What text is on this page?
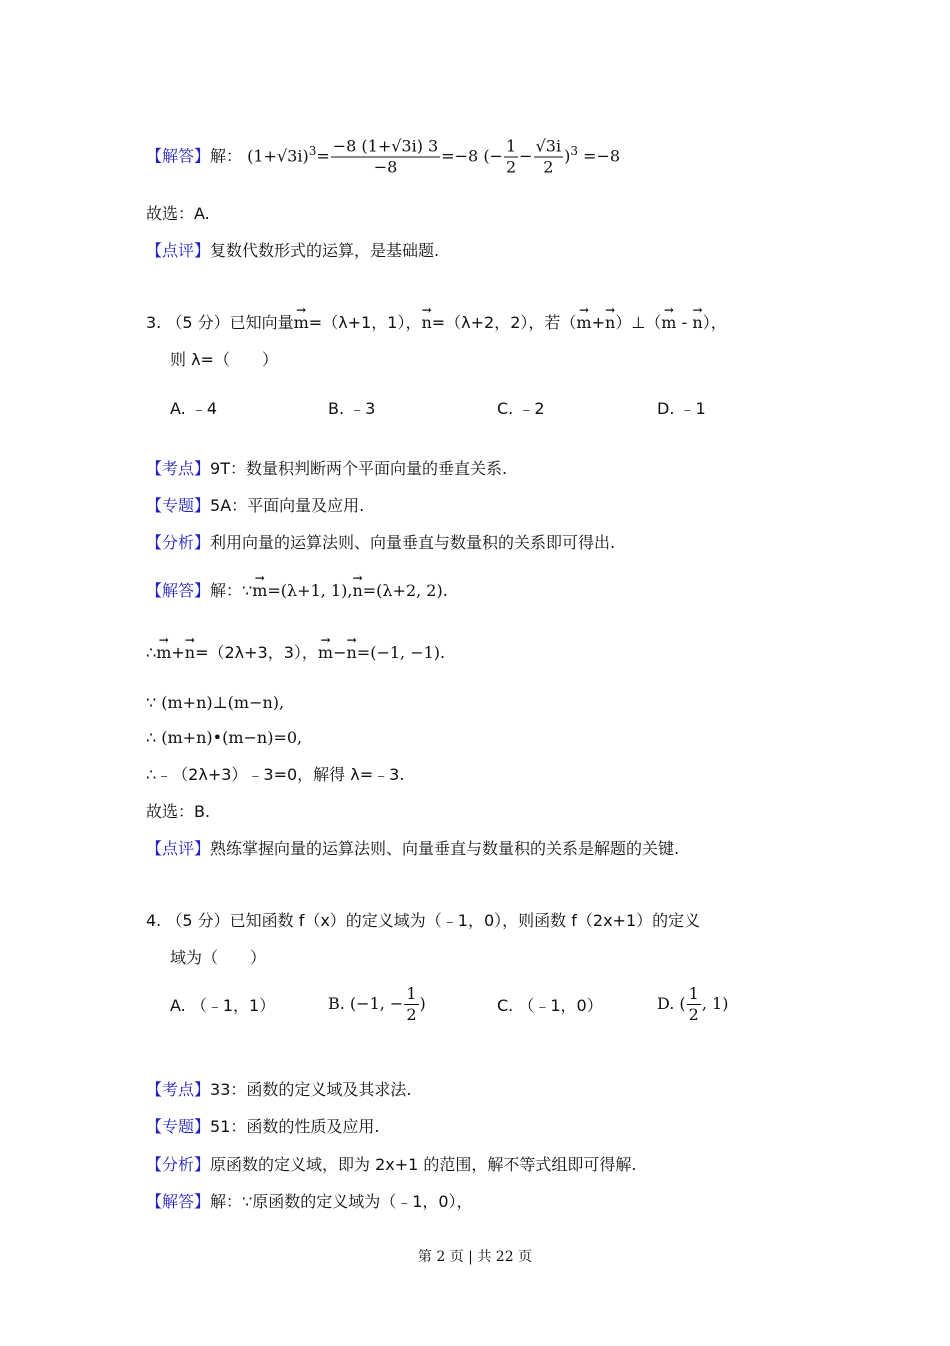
【解答】解： $(1+√3i)^3= \frac{-8 (1+√3i) 3}{-8} =-8$ (− $\frac{1}{2} - \frac{√3i}{2} )^3 =-8$
故选：A.
【点评】复数代数形式的运算，是基础题.
3. （5 分）已知向量→ m=（λ+1，1），→ n=（λ+2，2），若（→ m+→ n）⊥（→ m - → n），
则 λ=（　　）
A. ﹣4	B. ﹣3	C. ﹣2	D. ﹣1
【考点】9T：数量积判断两个平面向量的垂直关系.
【专题】5A：平面向量及应用.
【分析】利用向量的运算法则、向量垂直与数量积的关系即可得出.
【解答】解：∵→ m=(λ+1, 1),→ n=(λ+2, 2).
∴→ m+→ n=（2λ+3，3），→ m−→ n=(−1, −1).
∵ (m+n)⊥(m−n),
∴ (m+n)•(m−n)=0,
∴﹣（2λ+3）﹣3=0，解得 λ=﹣3.
故选：B.
【点评】熟练掌握向量的运算法则、向量垂直与数量积的关系是解题的关键.
4. （5 分）已知函数 f（x）的定义域为（﹣1，0），则函数 f（2x+1）的定义
域为（　　）
A. （﹣1，1）	B. (−1, − $\frac{1}{2}$ )	C. （﹣1，0）	D. ( $\frac{1}{2}$ , 1)
【考点】33：函数的定义域及其求法.
【专题】51：函数的性质及应用.
【分析】原函数的定义域，即为 2x+1 的范围，解不等式组即可得解.
【解答】解：∵原函数的定义域为（﹣1，0），
第 2 页 | 共 22 页
